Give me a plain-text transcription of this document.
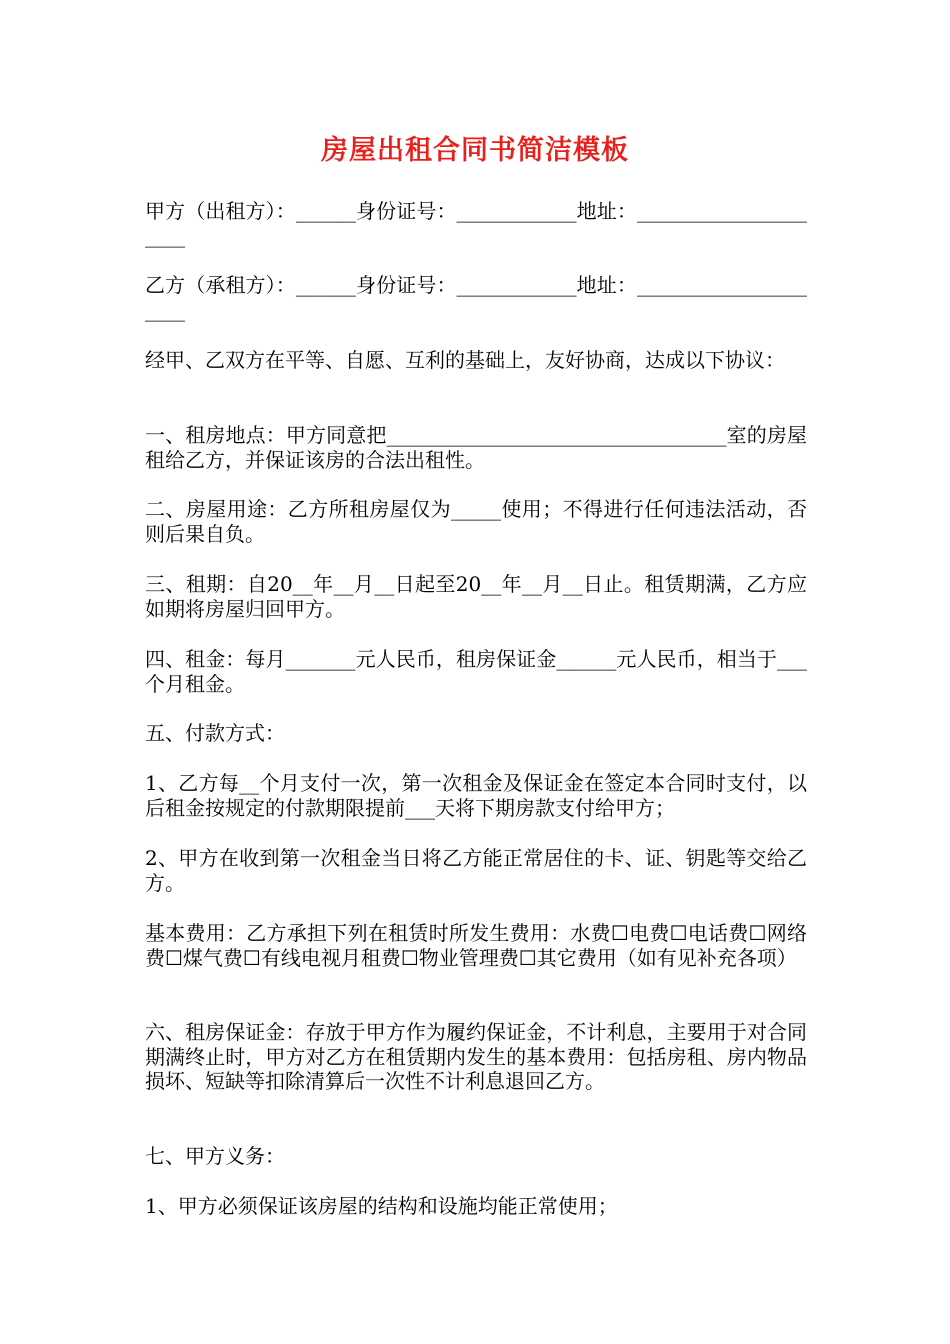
房屋出租合同书简洁模板
甲方（出租方）：______身份证号：____________地址：_____________________
乙方（承租方）：______身份证号：____________地址：_____________________
经甲、乙双方在平等、自愿、互利的基础上，友好协商，达成以下协议：
一、租房地点：甲方同意把__________________________________室的房屋租给乙方，并保证该房的合法出租性。
二、房屋用途：乙方所租房屋仅为_____使用；不得进行任何违法活动，否则后果自负。
三、租期：自20__年__月__日起至20__年__月__日止。租赁期满，乙方应如期将房屋归回甲方。
四、租金：每月_______元人民币，租房保证金______元人民币，相当于___个月租金。
五、付款方式：
1、乙方每__个月支付一次，第一次租金及保证金在签定本合同时支付，以后租金按规定的付款期限提前___天将下期房款支付给甲方；
2、甲方在收到第一次租金当日将乙方能正常居住的卡、证、钥匙等交给乙方。
基本费用：乙方承担下列在租赁时所发生费用：水费☐电费☐电话费☐网络费☐煤气费☐有线电视月租费☐物业管理费☐其它费用（如有见补充各项）
六、租房保证金：存放于甲方作为履约保证金，不计利息，主要用于对合同期满终止时，甲方对乙方在租赁期内发生的基本费用：包括房租、房内物品损坏、短缺等扣除清算后一次性不计利息退回乙方。
七、甲方义务：
1、甲方必须保证该房屋的结构和设施均能正常使用；
